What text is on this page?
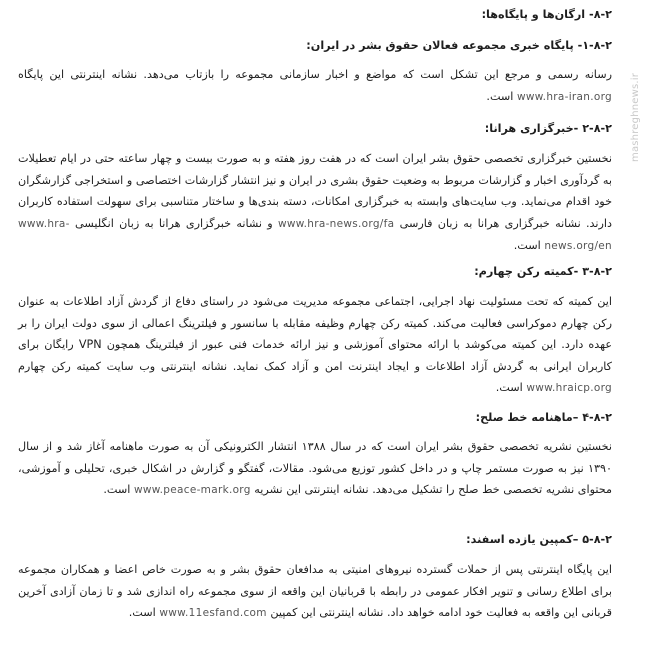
mashreghnews.ir

۸-۲- ارگان‌ها و پایگاه‌ها:

۱-۸-۲- پایگاه خبری مجموعه فعالان حقوق بشر در ایران:

رسانه رسمی و مرجع این تشکل است که مواضع و اخبار سازمانی مجموعه را بازتاب می‌دهد. نشانه اینترنتی این پایگاه www.hra-iran.org است.

۲-۸-۲ -خبرگزاری هرانا:

نخستین خبرگزاری تخصصی حقوق بشر ایران است که در هفت روز هفته و به صورت بیست و چهار ساعته حتی در ایام تعطیلات به گردآوری اخبار و گزارشات مربوط به وضعیت حقوق بشری در ایران و نیز انتشار گزارشات اختصاصی و استخراجی گزارشگران خود اقدام می‌نماید. وب سایت‌های وابسته به خبرگزاری امکانات، دسته بندی‌ها و ساختار متناسبی برای سهولت استفاده کاربران دارند. نشانه خبرگزاری هرانا به زبان فارسی www.hra-news.org/fa و نشانه خبرگزاری هرانا به زبان انگلیسی www.hra-news.org/en است.

۳-۸-۲ -کمیته رکن چهارم:

این کمیته که تحت مسئولیت نهاد اجرایی، اجتماعی مجموعه مدیریت می‌شود در راستای دفاع از گردش آزاد اطلاعات به عنوان رکن چهارم دموکراسی فعالیت می‌کند. کمیته رکن چهارم وظیفه مقابله با سانسور و فیلترینگ اعمالی از سوی دولت ایران را بر عهده دارد. این کمیته می‌کوشد با ارائه محتوای آموزشی و نیز ارائه خدمات فنی عبور از فیلترینگ همچون VPN رایگان برای کاربران ایرانی به گردش آزاد اطلاعات و ایجاد اینترنت امن و آزاد کمک نماید. نشانه اینترنتی وب سایت کمیته رکن چهارم www.hraicp.org است.

۴-۸-۲ –ماهنامه خط صلح:

نخستین نشریه تخصصی حقوق بشر ایران است که در سال ۱۳۸۸ انتشار الکترونیکی آن به صورت ماهنامه آغاز شد و از سال ۱۳۹۰ نیز به صورت مستمر چاپ و در داخل کشور توزیع می‌شود. مقالات، گفتگو و گزارش در اشکال خبری، تحلیلی و آموزشی، محتوای نشریه تخصصی خط صلح را تشکیل می‌دهد. نشانه اینترنتی این نشریه www.peace-mark.org است.

۵-۸-۲ –کمپین یازده اسفند:

این پایگاه اینترنتی پس از حملات گسترده نیروهای امنیتی به مدافعان حقوق بشر و به صورت خاص اعضا و همکاران مجموعه برای اطلاع رسانی و تنویر افکار عمومی در رابطه با قربانیان این واقعه از سوی مجموعه راه اندازی شد و تا زمان آزادی آخرین قربانی این واقعه به فعالیت خود ادامه خواهد داد. نشانه اینترنتی این کمپین www.11esfand.com است.
